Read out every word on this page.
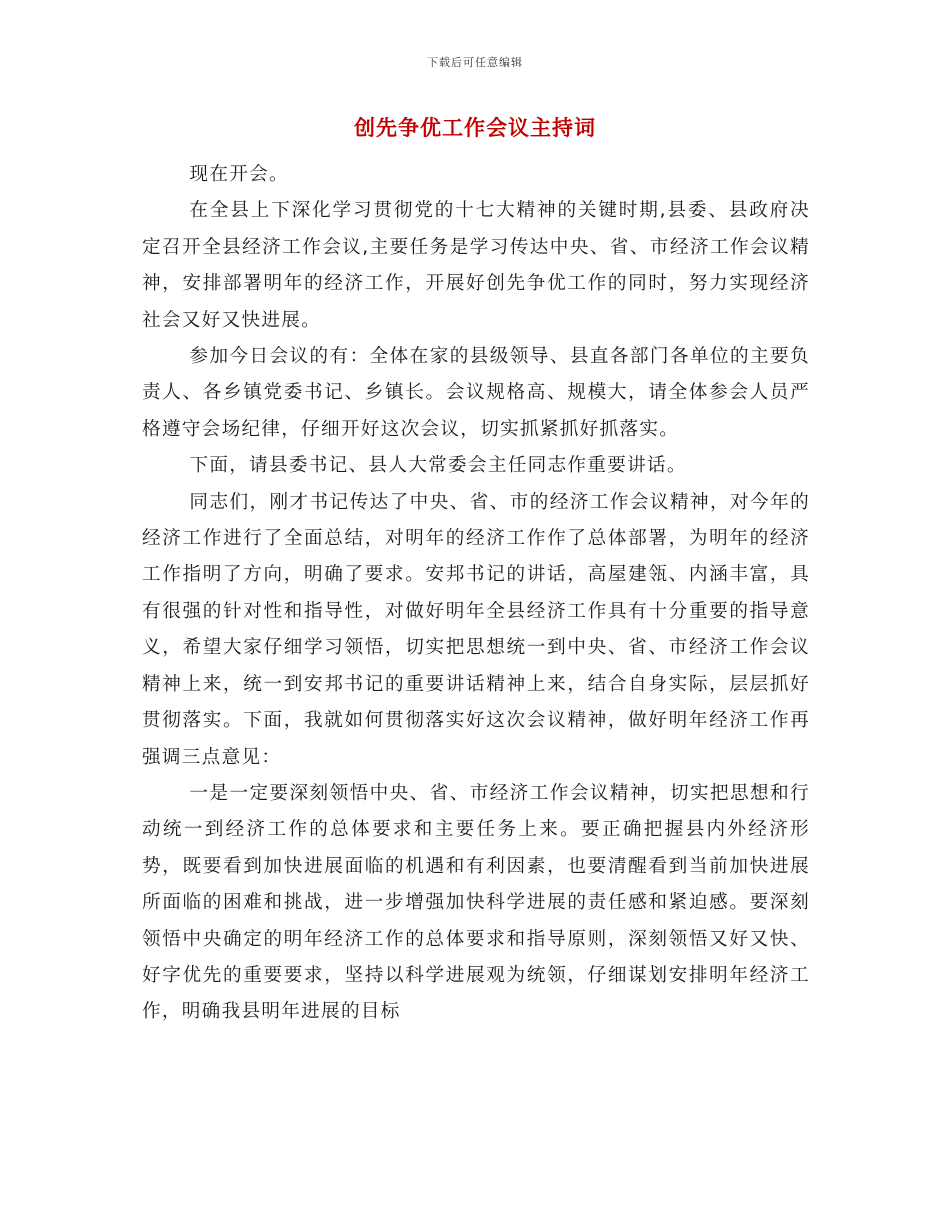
下载后可任意编辑
创先争优工作会议主持词

现在开会。

在全县上下深化学习贯彻党的十七大精神的关键时期,县委、县政府决定召开全县经济工作会议,主要任务是学习传达中央、省、市经济工作会议精神，安排部署明年的经济工作，开展好创先争优工作的同时，努力实现经济社会又好又快进展。

参加今日会议的有：全体在家的县级领导、县直各部门各单位的主要负责人、各乡镇党委书记、乡镇长。会议规格高、规模大，请全体参会人员严格遵守会场纪律，仔细开好这次会议，切实抓紧抓好抓落实。

下面，请县委书记、县人大常委会主任同志作重要讲话。

同志们，刚才书记传达了中央、省、市的经济工作会议精神，对今年的经济工作进行了全面总结，对明年的经济工作作了总体部署，为明年的经济工作指明了方向，明确了要求。安邦书记的讲话，高屋建瓴、内涵丰富，具有很强的针对性和指导性，对做好明年全县经济工作具有十分重要的指导意义，希望大家仔细学习领悟，切实把思想统一到中央、省、市经济工作会议精神上来，统一到安邦书记的重要讲话精神上来，结合自身实际，层层抓好贯彻落实。下面，我就如何贯彻落实好这次会议精神，做好明年经济工作再强调三点意见：

一是一定要深刻领悟中央、省、市经济工作会议精神，切实把思想和行动统一到经济工作的总体要求和主要任务上来。要正确把握县内外经济形势，既要看到加快进展面临的机遇和有利因素，也要清醒看到当前加快进展所面临的困难和挑战，进一步增强加快科学进展的责任感和紧迫感。要深刻领悟中央确定的明年经济工作的总体要求和指导原则，深刻领悟又好又快、好字优先的重要要求，坚持以科学进展观为统领，仔细谋划安排明年经济工作，明确我县明年进展的目标
